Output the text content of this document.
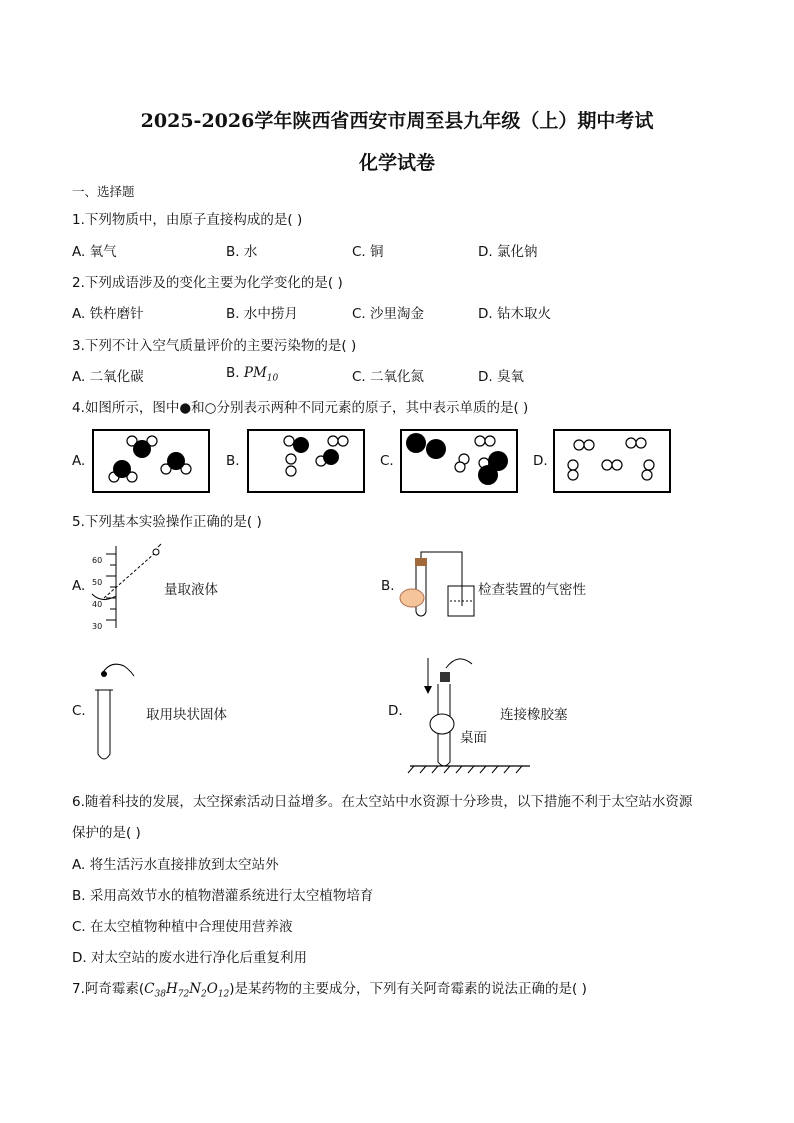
2025-2026学年陕西省西安市周至县九年级（上）期中考试
化学试卷
一、选择题
1.下列物质中，由原子直接构成的是( )
A. 氧气	B. 水	C. 铜	D. 氯化钠
2.下列成语涉及的变化主要为化学变化的是( )
A. 铁杵磨针	B. 水中捞月	C. 沙里淘金	D. 钻木取火
3.下列不计入空气质量评价的主要污染物的是( )
A. 二氧化碳	B. $PM_{10}$	C. 二氧化氮	D. 臭氧
4.如图所示，图中●和○分别表示两种不同元素的原子，其中表示单质的是( )
A.	B.	C.	D.
5.下列基本实验操作正确的是( )
A.
60
50
40
30
量取液体	B.	检查装置的气密性
C.	取用块状固体	D.
桌面
连接橡胶塞
6.随着科技的发展，太空探索活动日益增多。在太空站中水资源十分珍贵，以下措施不利于太空站水资源
保护的是( )
A. 将生活污水直接排放到太空站外
B. 采用高效节水的植物潜灌系统进行太空植物培育
C. 在太空植物种植中合理使用营养液
D. 对太空站的废水进行净化后重复利用
7.阿奇霉素$(C_{38}H_{72}N_2O_{12})$是某药物的主要成分，下列有关阿奇霉素的说法正确的是( )
